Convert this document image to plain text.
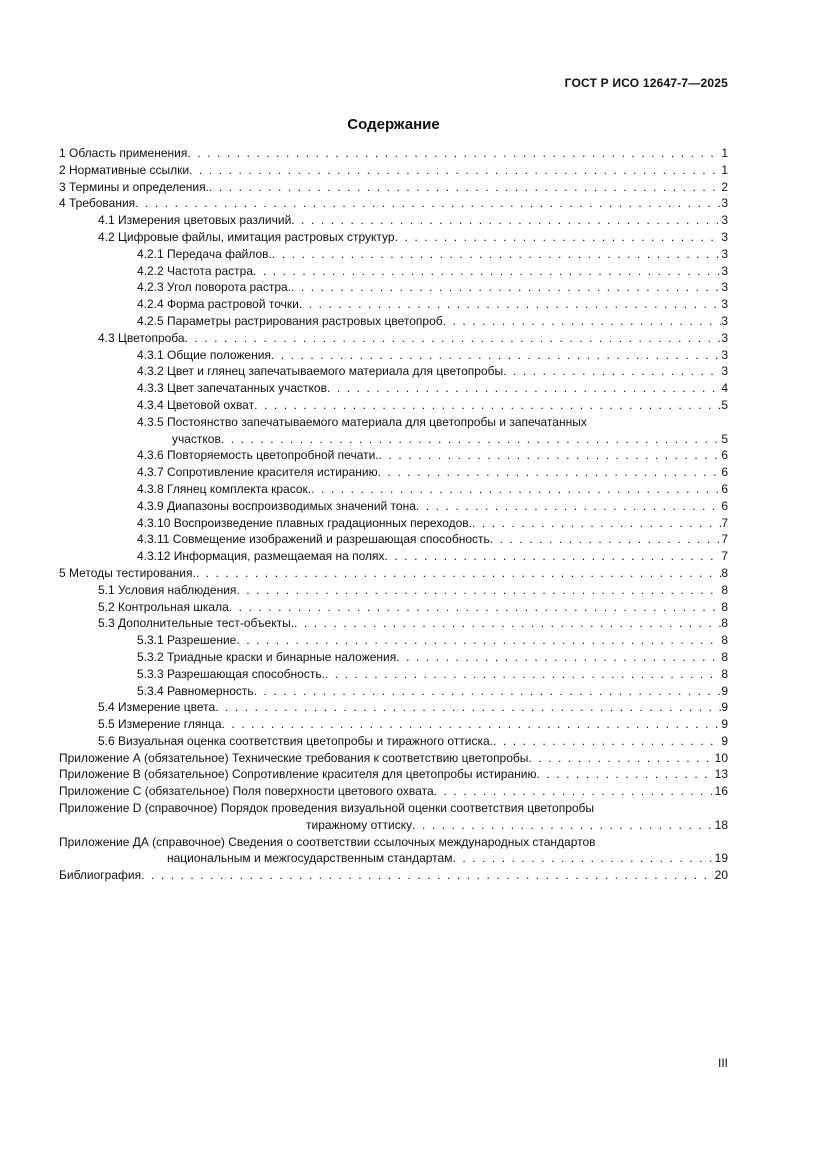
ГОСТ Р ИСО 12647-7—2025
Содержание
1 Область применения . . .	1
2 Нормативные ссылки . . .	1
3 Термины и определения. . . .	2
4 Требования . . .	3
4.1 Измерения цветовых различий . . .	3
4.2 Цифровые файлы, имитация растровых структур . . .	3
4.2.1 Передача файлов. . . .	3
4.2.2 Частота растра . . .	3
4.2.3 Угол поворота растра. . . .	3
4.2.4 Форма растровой точки . . .	3
4.2.5 Параметры растрирования растровых цветопроб . . .	3
4.3 Цветопроба . . .	3
4.3.1 Общие положения . . .	3
4.3.2 Цвет и глянец запечатываемого материала для цветопробы . . .	3
4.3.3 Цвет запечатанных участков . . .	4
4.3.4 Цветовой охват . . .	5
4.3.5 Постоянство запечатываемого материала для цветопробы и запечатанных
участков . . .	5
4.3.6 Повторяемость цветопробной печати. . . .	6
4.3.7 Сопротивление красителя истиранию . . .	6
4.3.8 Глянец комплекта красок. . . .	6
4.3.9 Диапазоны воспроизводимых значений тона . . .	6
4.3.10 Воспроизведение плавных градационных переходов. . . .	7
4.3.11 Совмещение изображений и разрешающая способность . . .	7
4.3.12 Информация, размещаемая на полях . . .	7
5 Методы тестирования. . . .	8
5.1 Условия наблюдения . . .	8
5.2 Контрольная шкала . . .	8
5.3 Дополнительные тест-объекты. . . .	8
5.3.1 Разрешение . . .	8
5.3.2 Триадные краски и бинарные наложения . . .	8
5.3.3 Разрешающая способность. . . .	8
5.3.4 Равномерность . . .	9
5.4 Измерение цвета . . .	9
5.5 Измерение глянца . . .	9
5.6 Визуальная оценка соответствия цветопробы и тиражного оттиска. . . .	9
Приложение А (обязательное) Технические требования к соответствию цветопробы . . .	10
Приложение В (обязательное) Сопротивление красителя для цветопробы истиранию . . .	13
Приложение С (обязательное) Поля поверхности цветового охвата . . .	16
Приложение D (справочное) Порядок проведения визуальной оценки соответствия цветопробы
тиражному оттиску . . .	18
Приложение ДА (справочное) Сведения о соответствии ссылочных международных стандартов
национальным и межгосударственным стандартам . . .	19
Библиография . . .	20
III
